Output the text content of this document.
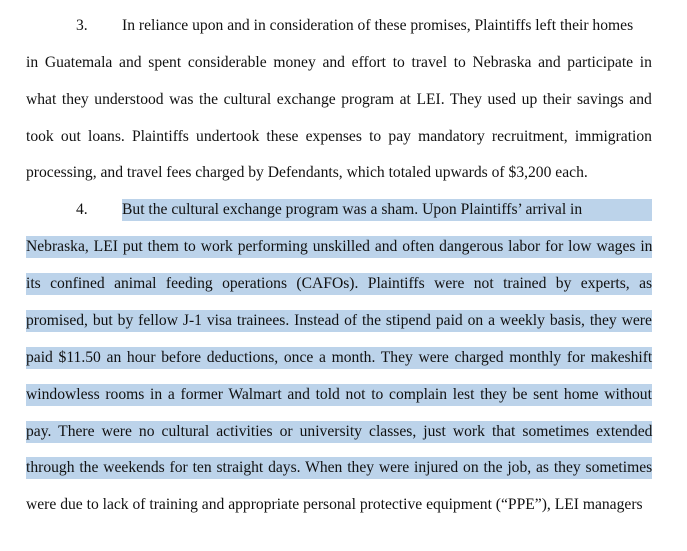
3. In reliance upon and in consideration of these promises, Plaintiffs left their homes
in Guatemala and spent considerable money and effort to travel to Nebraska and participate in
what they understood was the cultural exchange program at LEI. They used up their savings and
took out loans. Plaintiffs undertook these expenses to pay mandatory recruitment, immigration
processing, and travel fees charged by Defendants, which totaled upwards of $3,200 each.
4. But the cultural exchange program was a sham. Upon Plaintiffs’ arrival in
Nebraska, LEI put them to work performing unskilled and often dangerous labor for low wages in
its confined animal feeding operations (CAFOs). Plaintiffs were not trained by experts, as
promised, but by fellow J-1 visa trainees. Instead of the stipend paid on a weekly basis, they were
paid $11.50 an hour before deductions, once a month. They were charged monthly for makeshift
windowless rooms in a former Walmart and told not to complain lest they be sent home without
pay. There were no cultural activities or university classes, just work that sometimes extended
through the weekends for ten straight days. When they were injured on the job, as they sometimes
were due to lack of training and appropriate personal protective equipment (“PPE”), LEI managers
